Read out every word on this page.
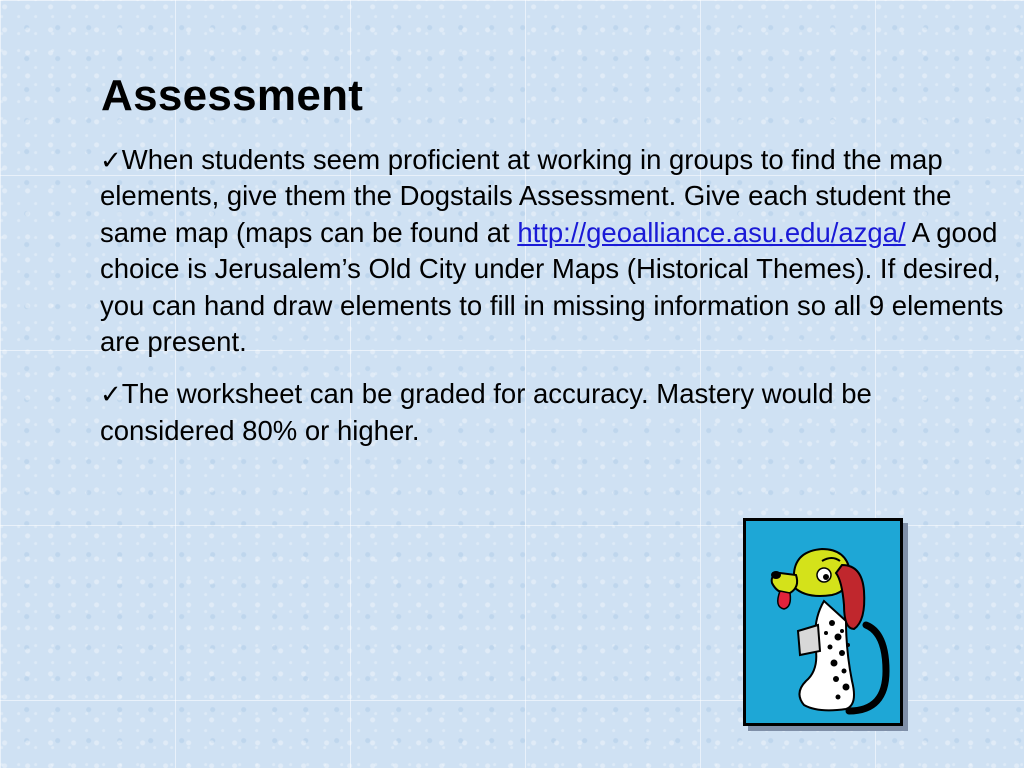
Assessment

✓When students seem proficient at working in groups to find the map elements, give them the Dogstails Assessment. Give each student the same map (maps can be found at http://geoalliance.asu.edu/azga/ A good choice is Jerusalem’s Old City under Maps (Historical Themes). If desired, you can hand draw elements to fill in missing information so all 9 elements are present.

✓The worksheet can be graded for accuracy. Mastery would be considered 80% or higher.
